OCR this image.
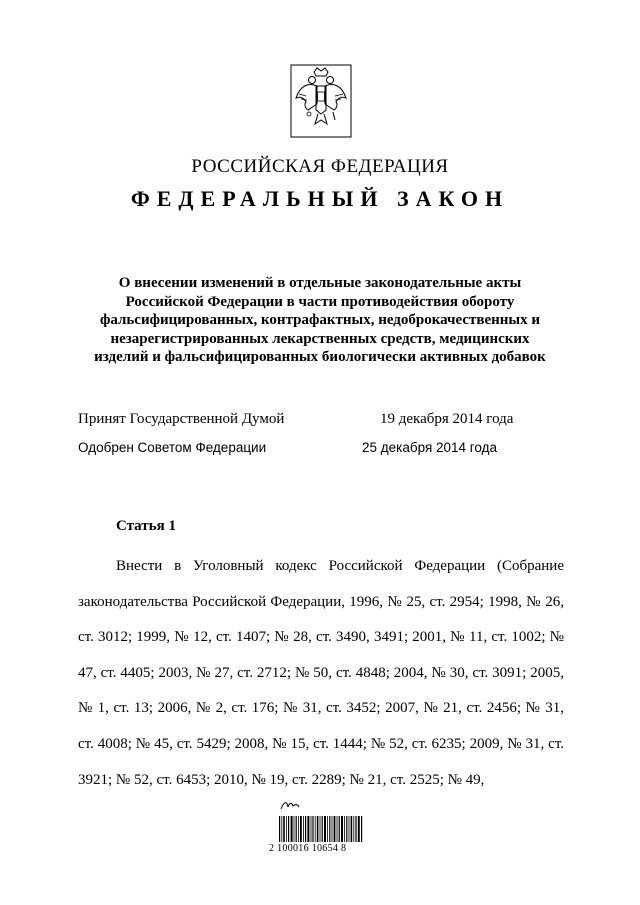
РОССИЙСКАЯ ФЕДЕРАЦИЯ
ФЕДЕРАЛЬНЫЙ ЗАКОН
О внесении изменений в отдельные законодательные акты Российской Федерации в части противодействия обороту фальсифицированных, контрафактных, недоброкачественных и незарегистрированных лекарственных средств, медицинских изделий и фальсифицированных биологически активных добавок
Принят Государственной Думой	19 декабря 2014 года
Одобрен Советом Федерации	25 декабря 2014 года
Статья 1
Внести в Уголовный кодекс Российской Федерации (Собрание законодательства Российской Федерации, 1996, № 25, ст. 2954; 1998, № 26, ст. 3012; 1999, № 12, ст. 1407; № 28, ст. 3490, 3491; 2001, № 11, ст. 1002; № 47, ст. 4405; 2003, № 27, ст. 2712; № 50, ст. 4848; 2004, № 30, ст. 3091; 2005, № 1, ст. 13; 2006, № 2, ст. 176; № 31, ст. 3452; 2007, № 21, ст. 2456; № 31, ст. 4008; № 45, ст. 5429; 2008, № 15, ст. 1444; № 52, ст. 6235; 2009, № 31, ст. 3921; № 52, ст. 6453; 2010, № 19, ст. 2289; № 21, ст. 2525; № 49,
2 100016 10654 8
